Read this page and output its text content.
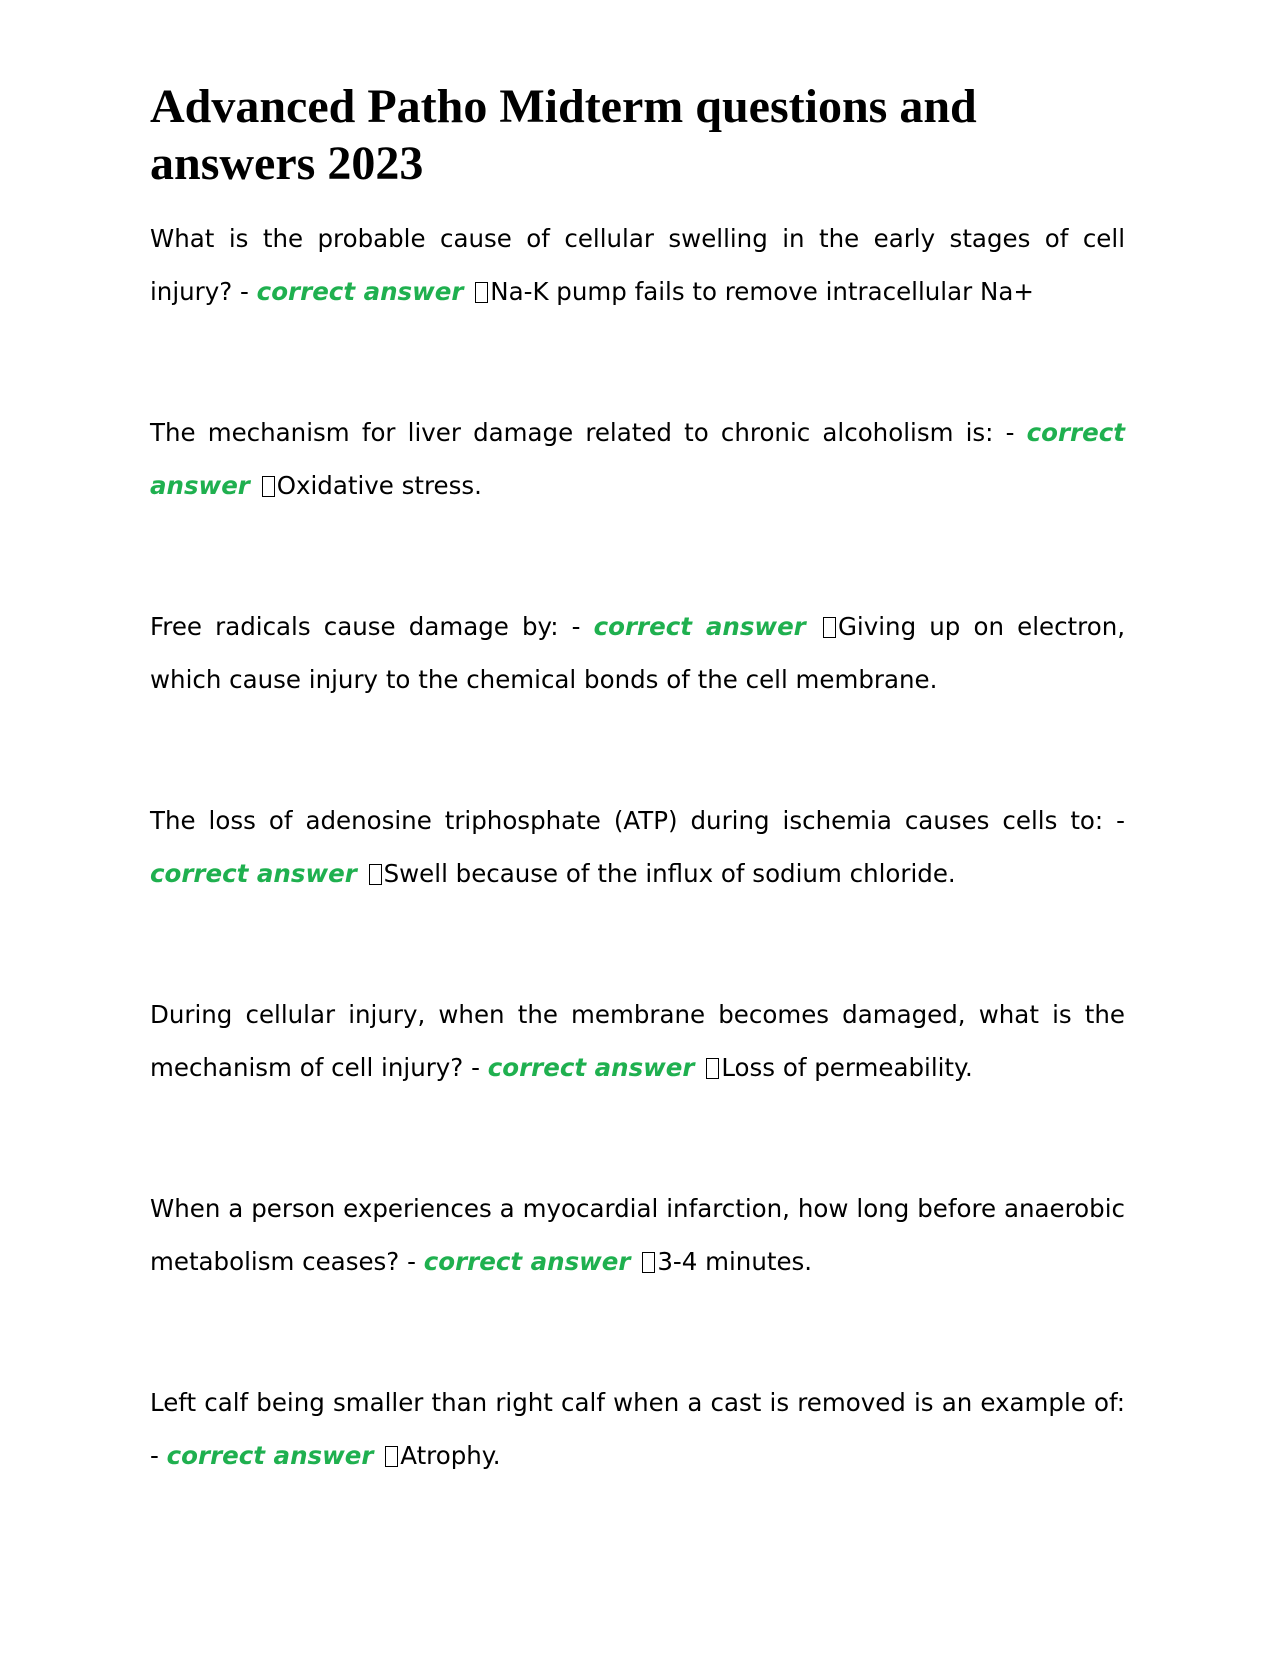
Advanced Patho Midterm questions and answers 2023

What is the probable cause of cellular swelling in the early stages of cell injury? - correct answer Na-K pump fails to remove intracellular Na+

The mechanism for liver damage related to chronic alcoholism is: - correct answer Oxidative stress.

Free radicals cause damage by: - correct answer Giving up on electron, which cause injury to the chemical bonds of the cell membrane.

The loss of adenosine triphosphate (ATP) during ischemia causes cells to: - correct answer Swell because of the influx of sodium chloride.

During cellular injury, when the membrane becomes damaged, what is the mechanism of cell injury? - correct answer Loss of permeability.

When a person experiences a myocardial infarction, how long before anaerobic metabolism ceases? - correct answer 3-4 minutes.

Left calf being smaller than right calf when a cast is removed is an example of: - correct answer Atrophy.
